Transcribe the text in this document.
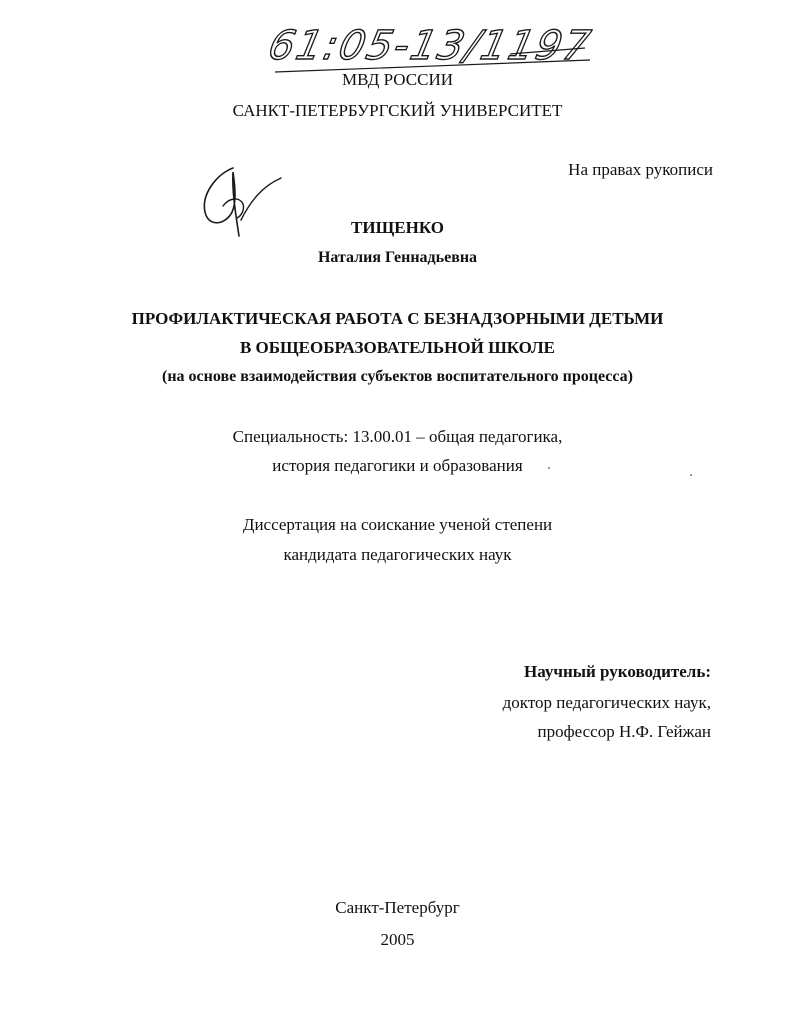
61:05-13/1197
МВД РОССИИ
САНКТ-ПЕТЕРБУРГСКИЙ УНИВЕРСИТЕТ
На правах рукописи
ТИЩЕНКО
Наталия Геннадьевна
ПРОФИЛАКТИЧЕСКАЯ РАБОТА С БЕЗНАДЗОРНЫМИ ДЕТЬМИ
В ОБЩЕОБРАЗОВАТЕЛЬНОЙ ШКОЛЕ
(на основе взаимодействия субъектов воспитательного процесса)
Специальность: 13.00.01 – общая педагогика,
история педагогики и образования
Диссертация на соискание ученой степени
кандидата педагогических наук
Научный руководитель:
доктор педагогических наук,
профессор Н.Ф. Гейжан
Санкт-Петербург
2005
